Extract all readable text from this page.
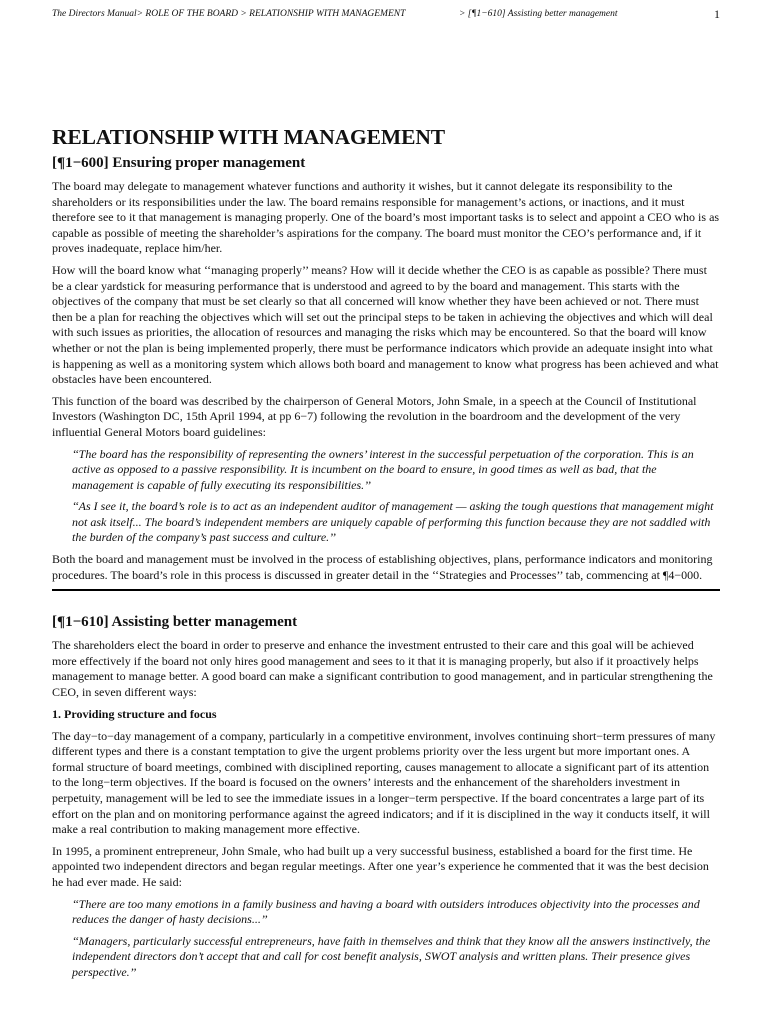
The Directors Manual> ROLE OF THE BOARD > RELATIONSHIP WITH MANAGEMENT	> [¶1−610] Assisting better management	1
RELATIONSHIP WITH MANAGEMENT
[¶1−600] Ensuring proper management

The board may delegate to management whatever functions and authority it wishes, but it cannot delegate its responsibility to the shareholders or its responsibilities under the law. The board remains responsible for management’s actions, or inactions, and it must therefore see to it that management is managing properly. One of the board’s most important tasks is to select and appoint a CEO who is as capable as possible of meeting the shareholder’s aspirations for the company. The board must monitor the CEO’s performance and, if it proves inadequate, replace him/her.

How will the board know what ‘‘managing properly’’ means? How will it decide whether the CEO is as capable as possible? There must be a clear yardstick for measuring performance that is understood and agreed to by the board and management. This starts with the objectives of the company that must be set clearly so that all concerned will know whether they have been achieved or not. There must then be a plan for reaching the objectives which will set out the principal steps to be taken in achieving the objectives and which will deal with such issues as priorities, the allocation of resources and managing the risks which may be encountered. So that the board will know whether or not the plan is being implemented properly, there must be performance indicators which provide an adequate insight into what is happening as well as a monitoring system which allows both board and management to know what progress has been achieved and what obstacles have been encountered.

This function of the board was described by the chairperson of General Motors, John Smale, in a speech at the Council of Institutional Investors (Washington DC, 15th April 1994, at pp 6−7) following the revolution in the boardroom and the development of the very influential General Motors board guidelines:

‘‘The board has the responsibility of representing the owners’ interest in the successful perpetuation of the corporation. This is an active as opposed to a passive responsibility. It is incumbent on the board to ensure, in good times as well as bad, that the management is capable of fully executing its responsibilities.’’

‘‘As I see it, the board’s role is to act as an independent auditor of management — asking the tough questions that management might not ask itself... The board’s independent members are uniquely capable of performing this function because they are not saddled with the burden of the company’s past success and culture.’’

Both the board and management must be involved in the process of establishing objectives, plans, performance indicators and monitoring procedures. The board’s role in this process is discussed in greater detail in the ‘‘Strategies and Processes’’ tab, commencing at ¶4−000.

[¶1−610] Assisting better management

The shareholders elect the board in order to preserve and enhance the investment entrusted to their care and this goal will be achieved more effectively if the board not only hires good management and sees to it that it is managing properly, but also if it proactively helps management to manage better. A good board can make a significant contribution to good management, and in particular strengthening the CEO, in seven different ways:

1. Providing structure and focus

The day−to−day management of a company, particularly in a competitive environment, involves continuing short−term pressures of many different types and there is a constant temptation to give the urgent problems priority over the less urgent but more important ones. A formal structure of board meetings, combined with disciplined reporting, causes management to allocate a significant part of its attention to the long−term objectives. If the board is focused on the owners’ interests and the enhancement of the shareholders investment in perpetuity, management will be led to see the immediate issues in a longer−term perspective. If the board concentrates a large part of its effort on the plan and on monitoring performance against the agreed indicators; and if it is disciplined in the way it conducts itself, it will make a real contribution to making management more effective.

In 1995, a prominent entrepreneur, John Smale, who had built up a very successful business, established a board for the first time. He appointed two independent directors and began regular meetings. After one year’s experience he commented that it was the best decision he had ever made. He said:

‘‘There are too many emotions in a family business and having a board with outsiders introduces objectivity into the processes and reduces the danger of hasty decisions...’’

‘‘Managers, particularly successful entrepreneurs, have faith in themselves and think that they know all the answers instinctively, the independent directors don’t accept that and call for cost benefit analysis, SWOT analysis and written plans. Their presence gives perspective.’’
